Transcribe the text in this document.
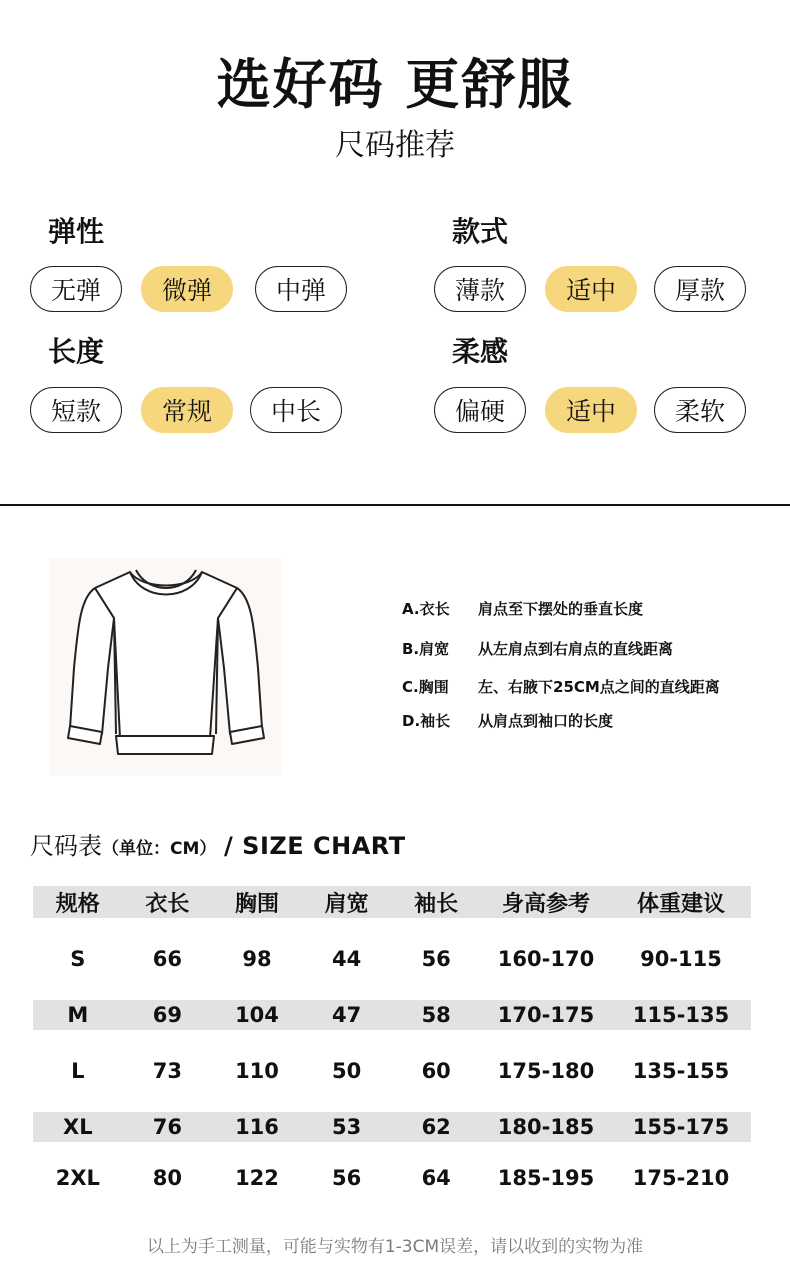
选好码 更舒服
尺码推荐
弹性
无弹	微弹	中弹
款式
薄款	适中	厚款
长度
短款	常规	中长
柔感
偏硬	适中	柔软
A.衣长 肩点至下摆处的垂直长度
B.肩宽 从左肩点到右肩点的直线距离
C.胸围 左、右腋下25CM点之间的直线距离
D.袖长 从肩点到袖口的长度
尺码表（单位：CM） / SIZE CHART
规格	衣长	胸围	肩宽	袖长	身高参考	体重建议
S	66	98	44	56	160-170	90-115
M	69	104	47	58	170-175	115-135
L	73	110	50	60	175-180	135-155
XL	76	116	53	62	180-185	155-175
2XL	80	122	56	64	185-195	175-210
以上为手工测量，可能与实物有1-3CM误差，请以收到的实物为准
